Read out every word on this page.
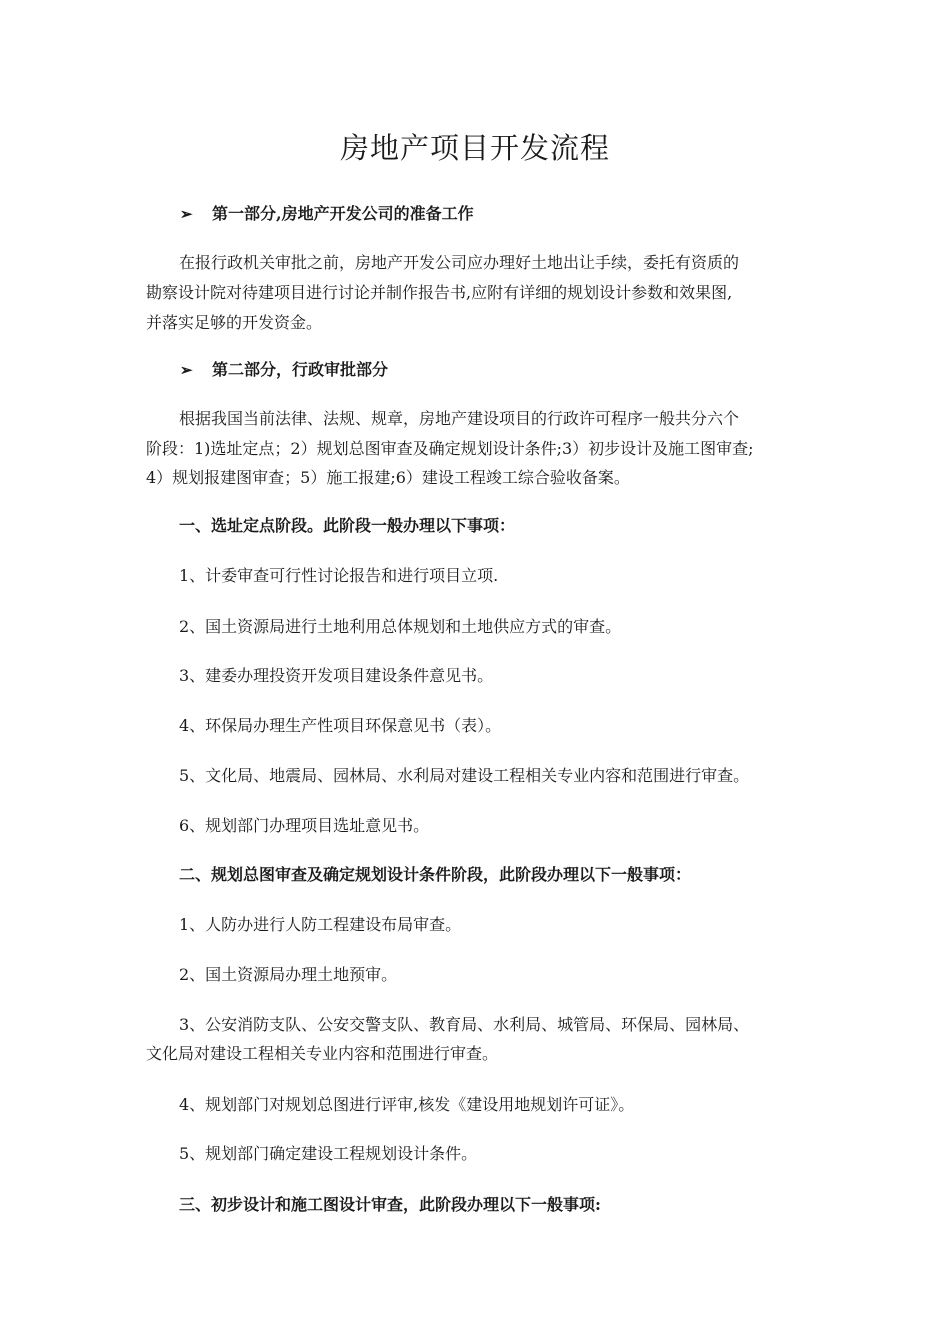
房地产项目开发流程
➢ 第一部分,房地产开发公司的准备工作
在报行政机关审批之前，房地产开发公司应办理好土地出让手续，委托有资质的
勘察设计院对待建项目进行讨论并制作报告书,应附有详细的规划设计参数和效果图,
并落实足够的开发资金。
➢ 第二部分，行政审批部分
根据我国当前法律、法规、规章，房地产建设项目的行政许可程序一般共分六个
阶段：1)选址定点；2）规划总图审查及确定规划设计条件;3）初步设计及施工图审查;
4）规划报建图审查；5）施工报建;6）建设工程竣工综合验收备案。
一、选址定点阶段。此阶段一般办理以下事项：
1、计委审查可行性讨论报告和进行项目立项.
2、国土资源局进行土地利用总体规划和土地供应方式的审查。
3、建委办理投资开发项目建设条件意见书。
4、环保局办理生产性项目环保意见书（表）。
5、文化局、地震局、园林局、水利局对建设工程相关专业内容和范围进行审查。
6、规划部门办理项目选址意见书。
二、规划总图审查及确定规划设计条件阶段，此阶段办理以下一般事项：
1、人防办进行人防工程建设布局审查。
2、国土资源局办理土地预审。
3、公安消防支队、公安交警支队、教育局、水利局、城管局、环保局、园林局、
文化局对建设工程相关专业内容和范围进行审查。
4、规划部门对规划总图进行评审,核发《建设用地规划许可证》。
5、规划部门确定建设工程规划设计条件。
三、初步设计和施工图设计审查，此阶段办理以下一般事项:
